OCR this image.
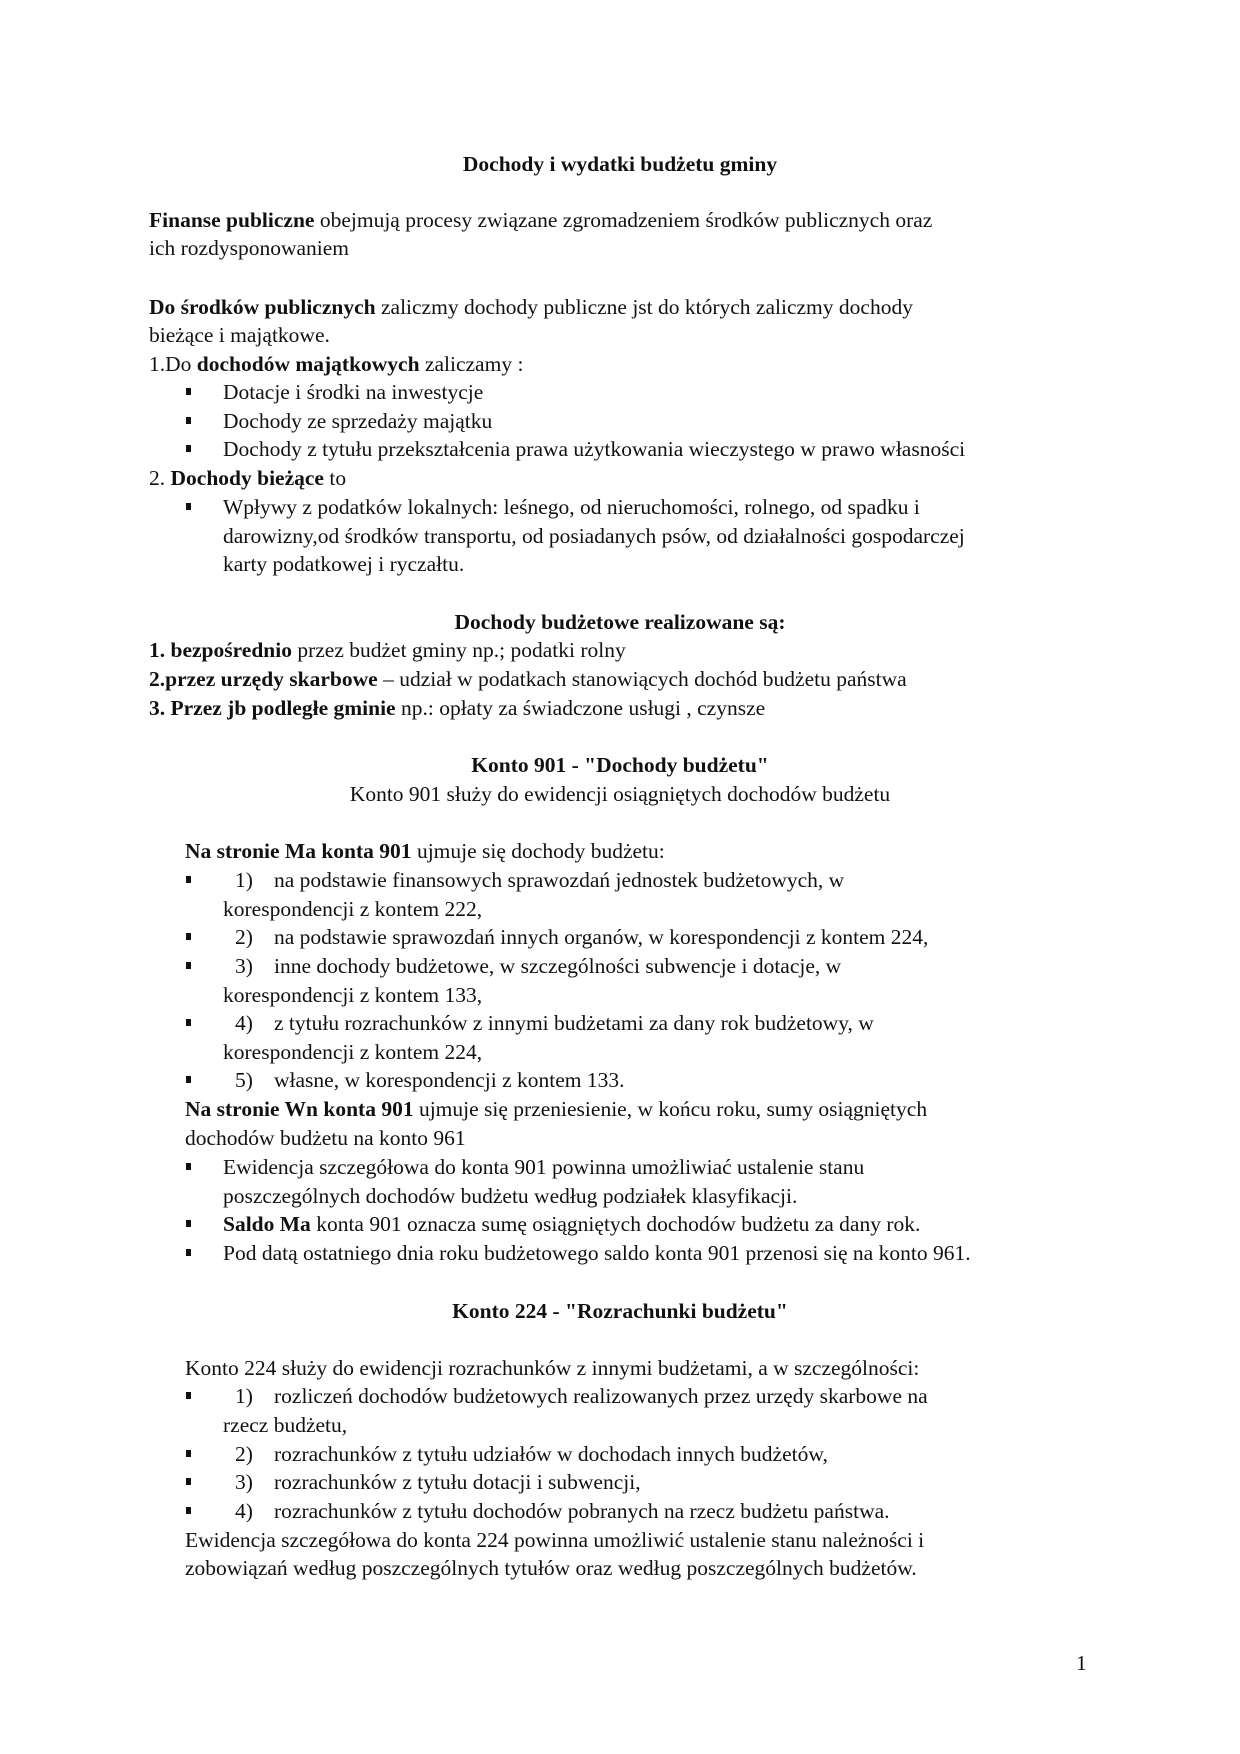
1
Dochody i wydatki budżetu gminy
Finanse publiczne obejmują procesy związane zgromadzeniem środków publicznych oraz
ich rozdysponowaniem
Do środków publicznych zaliczmy dochody publiczne jst do których zaliczmy dochody
bieżące i majątkowe.
1.Do dochodów majątkowych zaliczamy :
Dotacje i środki na inwestycje
Dochody ze sprzedaży majątku
Dochody z tytułu przekształcenia prawa użytkowania wieczystego w prawo własności
2. Dochody bieżące to
Wpływy z podatków lokalnych: leśnego, od nieruchomości, rolnego, od spadku i
darowizny,od środków transportu, od posiadanych psów, od działalności gospodarczej
karty podatkowej i ryczałtu.
Dochody budżetowe realizowane są:
1. bezpośrednio przez budżet gminy np.; podatki rolny
2.przez urzędy skarbowe – udział w podatkach stanowiących dochód budżetu państwa
3. Przez jb podległe gminie np.: opłaty za świadczone usługi , czynsze
Konto 901 - "Dochody budżetu"
Konto 901 służy do ewidencji osiągniętych dochodów budżetu
Na stronie Ma konta 901 ujmuje się dochody budżetu:
1) na podstawie finansowych sprawozdań jednostek budżetowych, w
korespondencji z kontem 222,
2) na podstawie sprawozdań innych organów, w korespondencji z kontem 224,
3) inne dochody budżetowe, w szczególności subwencje i dotacje, w
korespondencji z kontem 133,
4) z tytułu rozrachunków z innymi budżetami za dany rok budżetowy, w
korespondencji z kontem 224,
5) własne, w korespondencji z kontem 133.
Na stronie Wn konta 901 ujmuje się przeniesienie, w końcu roku, sumy osiągniętych
dochodów budżetu na konto 961
Ewidencja szczegółowa do konta 901 powinna umożliwiać ustalenie stanu
poszczególnych dochodów budżetu według podziałek klasyfikacji.
Saldo Ma konta 901 oznacza sumę osiągniętych dochodów budżetu za dany rok.
Pod datą ostatniego dnia roku budżetowego saldo konta 901 przenosi się na konto 961.
Konto 224 - "Rozrachunki budżetu"
Konto 224 służy do ewidencji rozrachunków z innymi budżetami, a w szczególności:
1) rozliczeń dochodów budżetowych realizowanych przez urzędy skarbowe na
rzecz budżetu,
2) rozrachunków z tytułu udziałów w dochodach innych budżetów,
3) rozrachunków z tytułu dotacji i subwencji,
4) rozrachunków z tytułu dochodów pobranych na rzecz budżetu państwa.
Ewidencja szczegółowa do konta 224 powinna umożliwić ustalenie stanu należności i
zobowiązań według poszczególnych tytułów oraz według poszczególnych budżetów.
